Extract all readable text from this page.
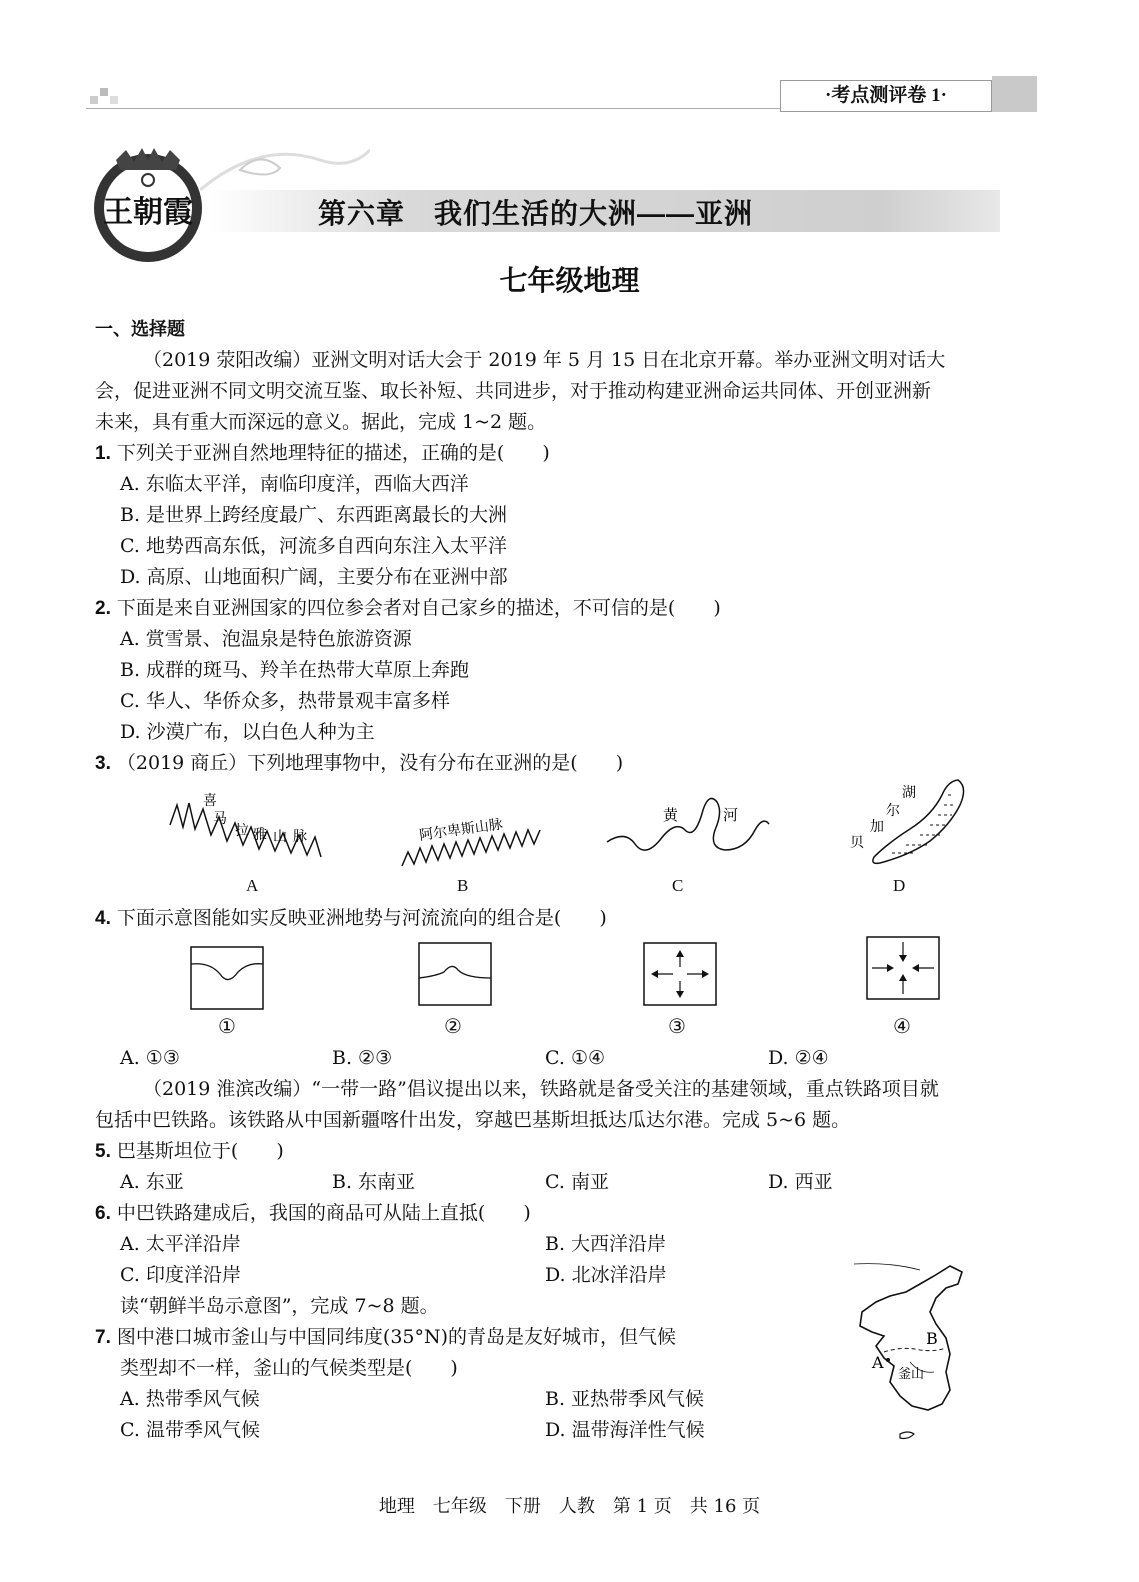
·考点测评卷 1·
王朝霞	第六章　我们生活的大洲——亚洲
七年级地理
一、选择题
（2019 荥阳改编）亚洲文明对话大会于 2019 年 5 月 15 日在北京开幕。举办亚洲文明对话大
会，促进亚洲不同文明交流互鉴、取长补短、共同进步，对于推动构建亚洲命运共同体、开创亚洲新
未来，具有重大而深远的意义。据此，完成 1~2 题。
1. 下列关于亚洲自然地理特征的描述，正确的是(　　)
A. 东临太平洋，南临印度洋，西临大西洋
B. 是世界上跨经度最广、东西距离最长的大洲
C. 地势西高东低，河流多自西向东注入太平洋
D. 高原、山地面积广阔，主要分布在亚洲中部
2. 下面是来自亚洲国家的四位参会者对自己家乡的描述，不可信的是(　　)
A. 赏雪景、泡温泉是特色旅游资源
B. 成群的斑马、羚羊在热带大草原上奔跑
C. 华人、华侨众多，热带景观丰富多样
D. 沙漠广布，以白色人种为主
3. （2019 商丘）下列地理事物中，没有分布在亚洲的是(　　)
喜
马
拉 雅 山 脉
A
阿尔卑斯山脉
B
黄	河
C
湖
尔
加
贝
D
4. 下面示意图能如实反映亚洲地势与河流流向的组合是(　　)
①	②	③	④
A. ①③	B. ②③	C. ①④	D. ②④
（2019 淮滨改编）“一带一路”倡议提出以来，铁路就是备受关注的基建领域，重点铁路项目就
包括中巴铁路。该铁路从中国新疆喀什出发，穿越巴基斯坦抵达瓜达尔港。完成 5~6 题。
5. 巴基斯坦位于(　　)
A. 东亚	B. 东南亚	C. 南亚	D. 西亚
6. 中巴铁路建成后，我国的商品可从陆上直抵(　　)
A. 太平洋沿岸	B. 大西洋沿岸
C. 印度洋沿岸	D. 北冰洋沿岸
读“朝鲜半岛示意图”，完成 7~8 题。
7. 图中港口城市釜山与中国同纬度(35°N)的青岛是友好城市，但气候
类型却不一样，釜山的气候类型是(　　)
A. 热带季风气候	B. 亚热带季风气候
C. 温带季风气候	D. 温带海洋性气候
B
A
釜山
地理　七年级　下册　人教　第 1 页　共 16 页
